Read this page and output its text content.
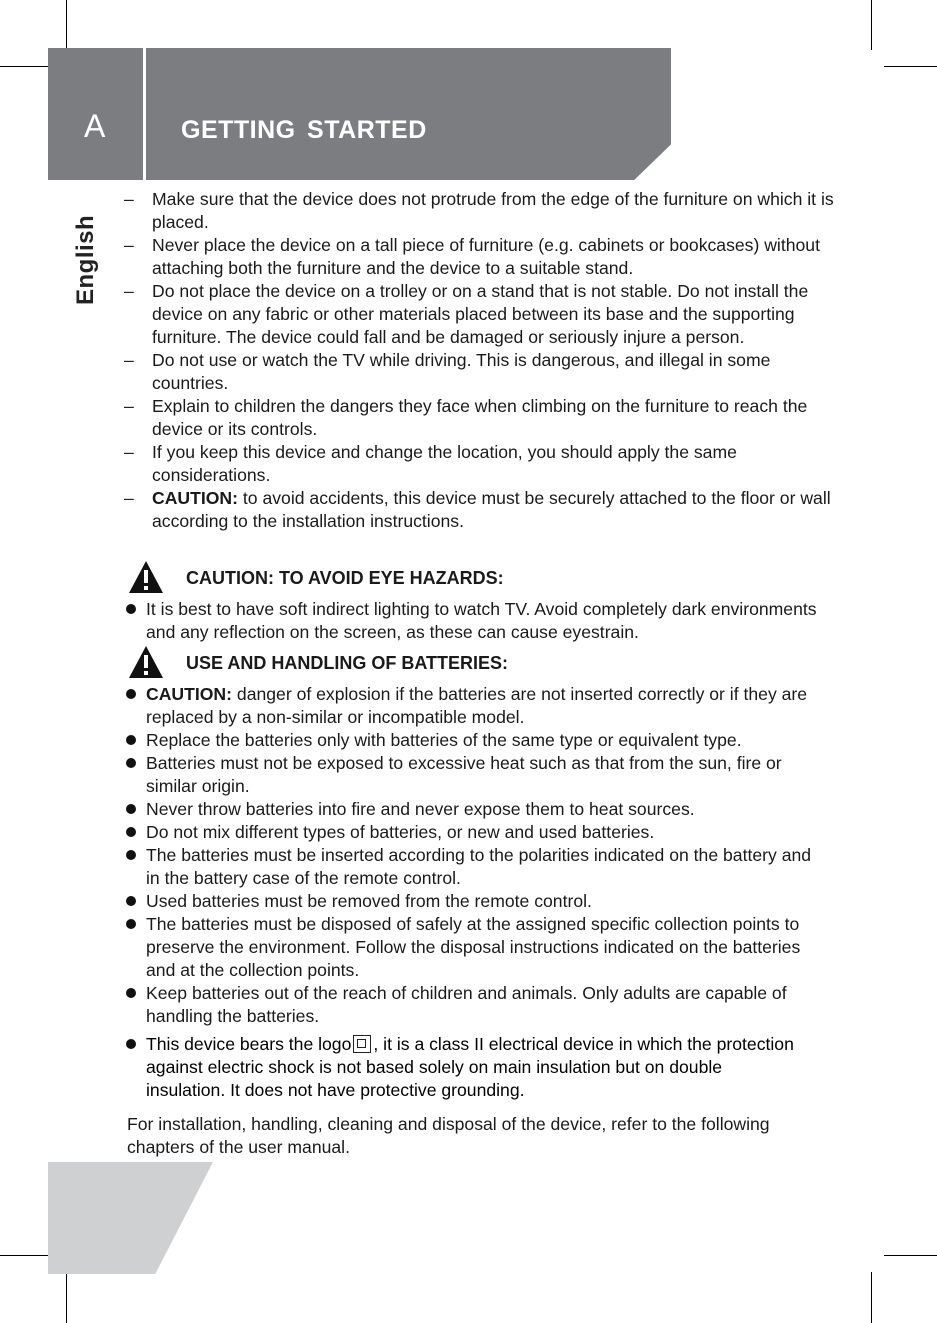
A	GETTING STARTED
English
– Make sure that the device does not protrude from the edge of the furniture on which it is placed.
– Never place the device on a tall piece of furniture (e.g. cabinets or bookcases) without attaching both the furniture and the device to a suitable stand.
– Do not place the device on a trolley or on a stand that is not stable. Do not install the device on any fabric or other materials placed between its base and the supporting furniture. The device could fall and be damaged or seriously injure a person.
– Do not use or watch the TV while driving. This is dangerous, and illegal in some countries.
– Explain to children the dangers they face when climbing on the furniture to reach the device or its controls.
– If you keep this device and change the location, you should apply the same considerations.
– CAUTION: to avoid accidents, this device must be securely attached to the floor or wall according to the installation instructions.
CAUTION: TO AVOID EYE HAZARDS:
It is best to have soft indirect lighting to watch TV. Avoid completely dark environments and any reflection on the screen, as these can cause eyestrain.
USE AND HANDLING OF BATTERIES:
CAUTION: danger of explosion if the batteries are not inserted correctly or if they are replaced by a non-similar or incompatible model.
Replace the batteries only with batteries of the same type or equivalent type.
Batteries must not be exposed to excessive heat such as that from the sun, fire or similar origin.
Never throw batteries into fire and never expose them to heat sources.
Do not mix different types of batteries, or new and used batteries.
The batteries must be inserted according to the polarities indicated on the battery and in the battery case of the remote control.
Used batteries must be removed from the remote control.
The batteries must be disposed of safely at the assigned specific collection points to preserve the environment. Follow the disposal instructions indicated on the batteries and at the collection points.
Keep batteries out of the reach of children and animals. Only adults are capable of handling the batteries.
This device bears the logo , it is a class II electrical device in which the protection against electric shock is not based solely on main insulation but on double insulation. It does not have protective grounding.
For installation, handling, cleaning and disposal of the device, refer to the following chapters of the user manual.
